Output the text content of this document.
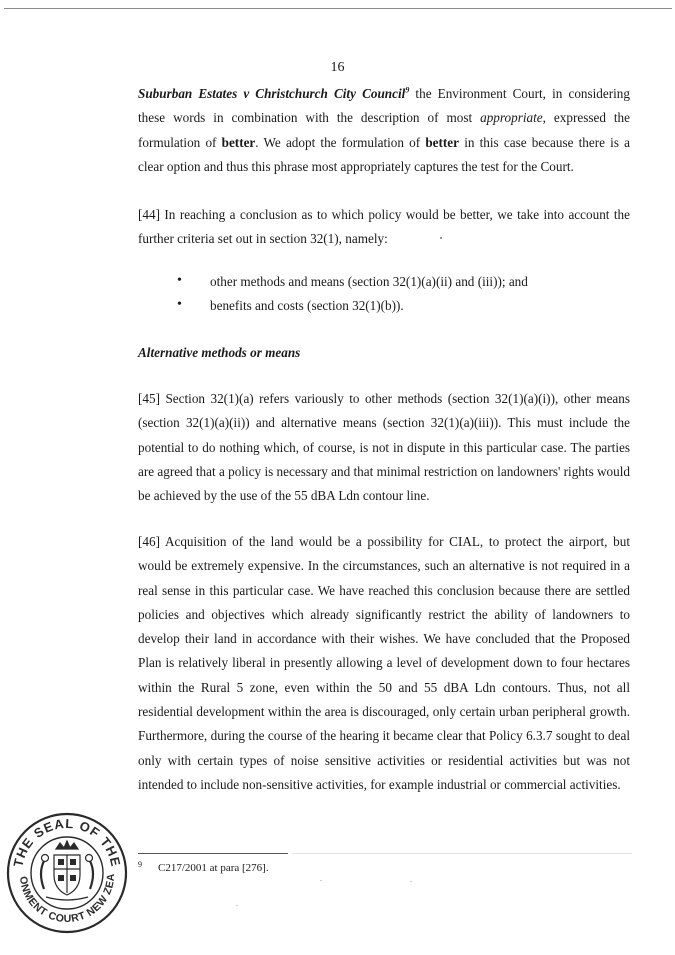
16

Suburban Estates v Christchurch City Council$^9$ the Environment Court, in considering these words in combination with the description of most appropriate, expressed the formulation of better. We adopt the formulation of better in this case because there is a clear option and thus this phrase most appropriately captures the test for the Court.

[44] In reaching a conclusion as to which policy would be better, we take into account the further criteria set out in section 32(1), namely:

• other methods and means (section 32(1)(a)(ii) and (iii)); and
• benefits and costs (section 32(1)(b)).
Alternative methods or means

[45] Section 32(1)(a) refers variously to other methods (section 32(1)(a)(i)), other means (section 32(1)(a)(ii)) and alternative means (section 32(1)(a)(iii)). This must include the potential to do nothing which, of course, is not in dispute in this particular case. The parties are agreed that a policy is necessary and that minimal restriction on landowners' rights would be achieved by the use of the 55 dBA Ldn contour line.

[46] Acquisition of the land would be a possibility for CIAL, to protect the airport, but would be extremely expensive. In the circumstances, such an alternative is not required in a real sense in this particular case. We have reached this conclusion because there are settled policies and objectives which already significantly restrict the ability of landowners to develop their land in accordance with their wishes. We have concluded that the Proposed Plan is relatively liberal in presently allowing a level of development down to four hectares within the Rural 5 zone, even within the 50 and 55 dBA Ldn contours. Thus, not all residential development within the area is discouraged, only certain urban peripheral growth. Furthermore, during the course of the hearing it became clear that Policy 6.3.7 sought to deal only with certain types of noise sensitive activities or residential activities but was not intended to include non-sensitive activities, for example industrial or commercial activities.

9 C217/2001 at para [276].
THE SEAL OF THE
ONMENT COURT NEW ZEA
